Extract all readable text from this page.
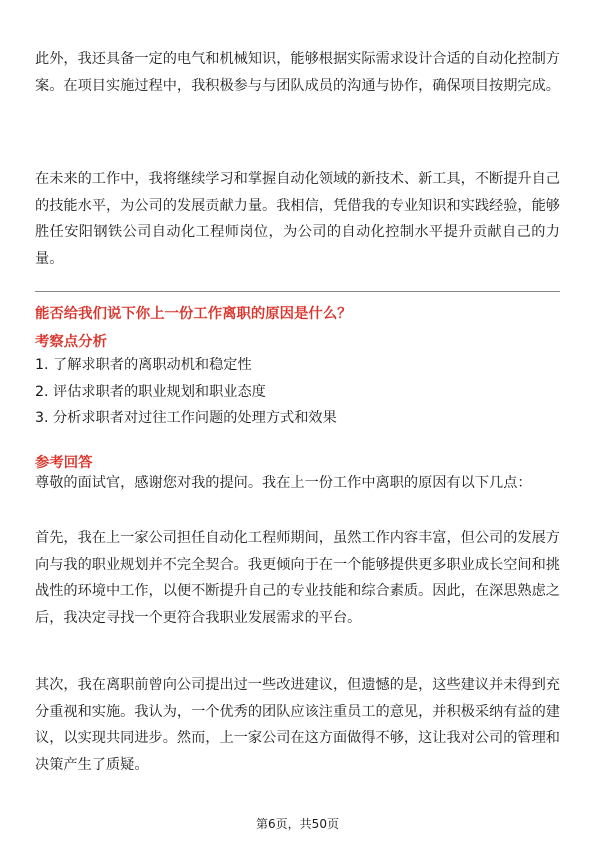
此外，我还具备一定的电气和机械知识，能够根据实际需求设计合适的自动化控制方案。在项目实施过程中，我积极参与与团队成员的沟通与协作，确保项目按期完成。

在未来的工作中，我将继续学习和掌握自动化领域的新技术、新工具，不断提升自己的技能水平，为公司的发展贡献力量。我相信，凭借我的专业知识和实践经验，能够胜任安阳钢铁公司自动化工程师岗位，为公司的自动化控制水平提升贡献自己的力量。

能否给我们说下你上一份工作离职的原因是什么？

考察点分析

1. 了解求职者的离职动机和稳定性
2. 评估求职者的职业规划和职业态度
3. 分析求职者对过往工作问题的处理方式和效果

参考回答

尊敬的面试官，感谢您对我的提问。我在上一份工作中离职的原因有以下几点：

首先，我在上一家公司担任自动化工程师期间，虽然工作内容丰富，但公司的发展方向与我的职业规划并不完全契合。我更倾向于在一个能够提供更多职业成长空间和挑战性的环境中工作，以便不断提升自己的专业技能和综合素质。因此，在深思熟虑之后，我决定寻找一个更符合我职业发展需求的平台。

其次，我在离职前曾向公司提出过一些改进建议，但遗憾的是，这些建议并未得到充分重视和实施。我认为，一个优秀的团队应该注重员工的意见，并积极采纳有益的建议，以实现共同进步。然而，上一家公司在这方面做得不够，这让我对公司的管理和决策产生了质疑。

第6页，共50页
